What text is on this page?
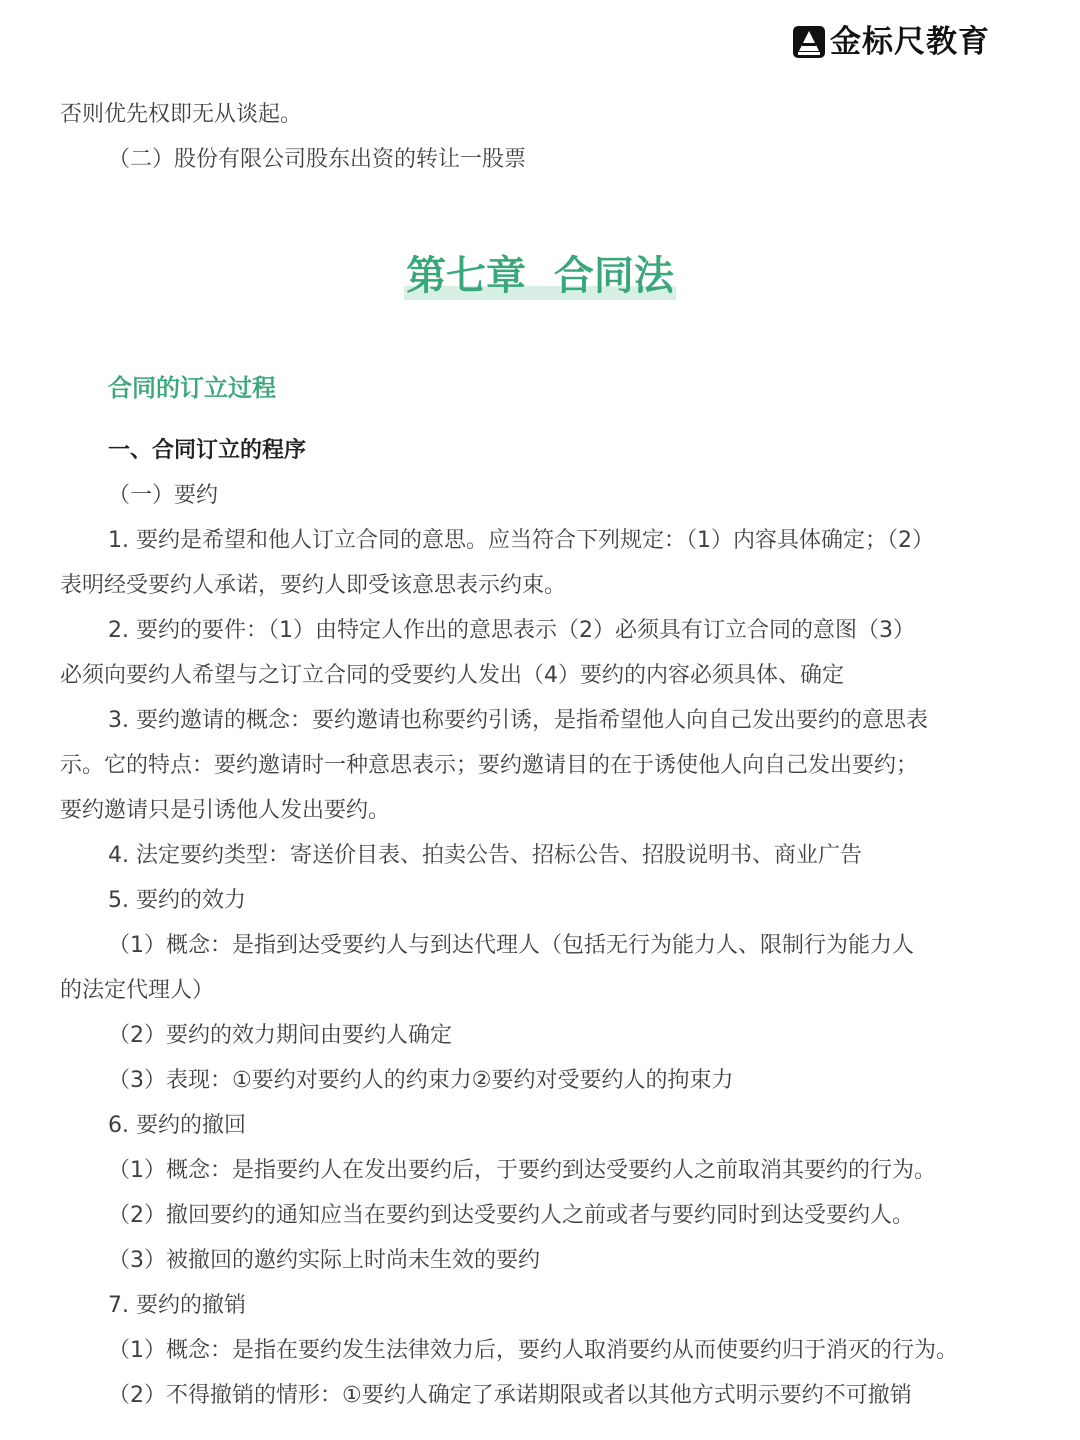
金标尺教育
否则优先权即无从谈起。
（二）股份有限公司股东出资的转让一股票
第七章  合同法
合同的订立过程
一、合同订立的程序
（一）要约
1. 要约是希望和他人订立合同的意思。应当符合下列规定：（1）内容具体确定；（2）
表明经受要约人承诺，要约人即受该意思表示约束。
2. 要约的要件：（1）由特定人作出的意思表示（2）必须具有订立合同的意图（3）
必须向要约人希望与之订立合同的受要约人发出（4）要约的内容必须具体、确定
3. 要约邀请的概念：要约邀请也称要约引诱，是指希望他人向自己发出要约的意思表
示。它的特点：要约邀请时一种意思表示；要约邀请目的在于诱使他人向自己发出要约；
要约邀请只是引诱他人发出要约。
4. 法定要约类型：寄送价目表、拍卖公告、招标公告、招股说明书、商业广告
5. 要约的效力
（1）概念：是指到达受要约人与到达代理人（包括无行为能力人、限制行为能力人
的法定代理人）
（2）要约的效力期间由要约人确定
（3）表现：①要约对要约人的约束力②要约对受要约人的拘束力
6. 要约的撤回
（1）概念：是指要约人在发出要约后，于要约到达受要约人之前取消其要约的行为。
（2）撤回要约的通知应当在要约到达受要约人之前或者与要约同时到达受要约人。
（3）被撤回的邀约实际上时尚未生效的要约
7. 要约的撤销
（1）概念：是指在要约发生法律效力后，要约人取消要约从而使要约归于消灭的行为。
（2）不得撤销的情形：①要约人确定了承诺期限或者以其他方式明示要约不可撤销
